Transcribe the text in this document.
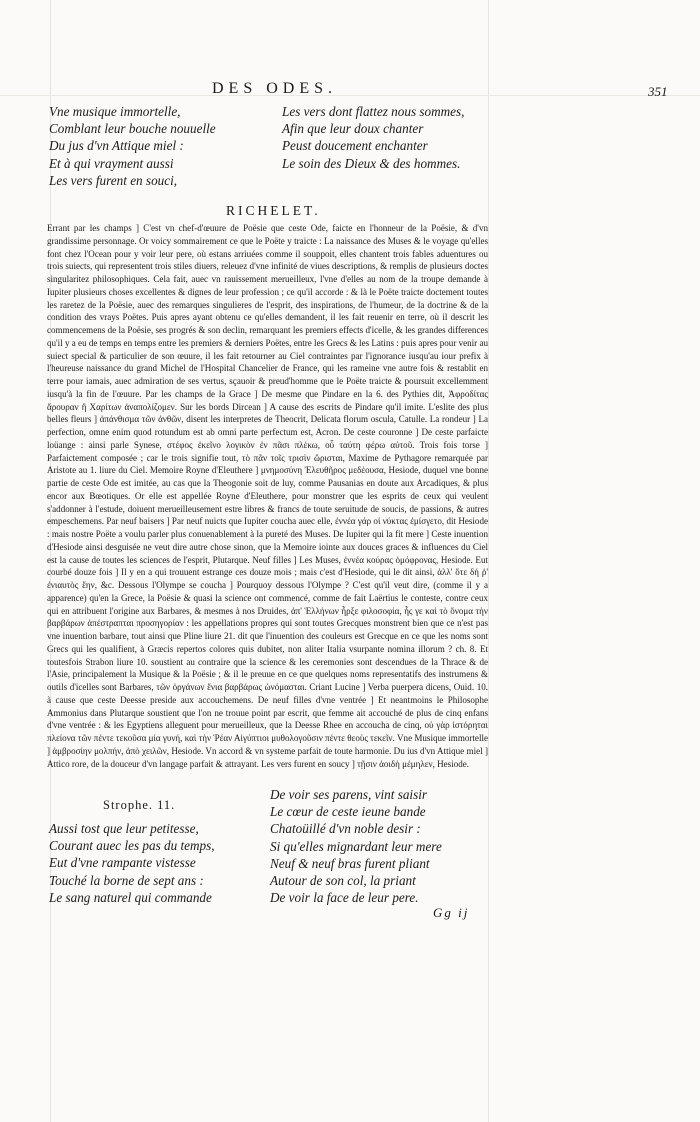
DES ODES.	351
Vne musique immortelle,
Comblant leur bouche nouuelle
Du jus d'vn Attique miel :
Et à qui vrayment aussi
Les vers furent en souci,
Les vers dont flattez nous sommes,
Afin que leur doux chanter
Peust doucement enchanter
Le soin des Dieux & des hommes.
RICHELET.

Errant par les champs ] C'est vn chef-d'œuure de Poësie que ceste Ode, faicte en l'honneur de la Poësie, & d'vn grandissime personnage. Or voicy sommairement ce que le Poëte y traicte : La naissance des Muses & le voyage qu'elles font chez l'Ocean pour y voir leur pere, où estans arriuées comme il souppoit, elles chantent trois fables aduentures ou trois suiects, qui representent trois stiles diuers, releuez d'vne infinité de viues descriptions, & remplis de plusieurs doctes singularitez philosophiques. Cela fait, auec vn rauissement merueilleux, l'vne d'elles au nom de la troupe demande à Iupiter plusieurs choses excellentes & dignes de leur profession ; ce qu'il accorde : & là le Poëte traicte doctement toutes les raretez de la Poësie, auec des remarques singulieres de l'esprit, des inspirations, de l'humeur, de la doctrine & de la condition des vrays Poëtes. Puis apres ayant obtenu ce qu'elles demandent, il les fait reuenir en terre, où il descrit les commencemens de la Poësie, ses progrés & son declin, remarquant les premiers effects d'icelle, & les grandes differences qu'il y a eu de temps en temps entre les premiers & derniers Poëtes, entre les Grecs & les Latins : puis apres pour venir au suiect special & particulier de son œuure, il les fait retourner au Ciel contraintes par l'ignorance iusqu'au iour prefix à l'heureuse naissance du grand Michel de l'Hospital Chancelier de France, qui les rameine vne autre fois & restablit en terre pour iamais, auec admiration de ses vertus, sçauoir & preud'homme que le Poëte traicte & poursuit excellemment iusqu'à la fin de l'œuure. Par les champs de la Grace ] De mesme que Pindare en la 6. des Pythies dit, Ἀφροδίτας ἄρουραν ἢ Χαρίτων ἀναπολίζομεν. Sur les bords Dircean ] A cause des escrits de Pindare qu'il imite. L'eslite des plus belles fleurs ] ἀπάνθισμα τῶν ἀνθῶν, disent les interpretes de Theocrit, Delicata florum oscula, Catulle. La rondeur ] La perfection, omne enim quod rotundum est ab omni parte perfectum est, Acron. De ceste couronne ] De ceste parfaicte loüange : ainsi parle Synese, στέφος ἐκεῖνο λογικὸν ἐν πᾶσι πλέκω, οὗ ταύτη φέρω αὐτοῦ. Trois fois torse ] Parfaictement composée ; car le trois signifie tout, τὸ πᾶν τοῖς τρισὶν ὥρισται, Maxime de Pythagore remarquée par Aristote au 1. liure du Ciel. Memoire Royne d'Eleuthere ] μνημοσύνη Ἐλευθῆρος μεδέουσα, Hesiode, duquel vne bonne partie de ceste Ode est imitée, au cas que la Theogonie soit de luy, comme Pausanias en doute aux Arcadiques, & plus encor aux Bœotiques. Or elle est appellée Royne d'Eleuthere, pour monstrer que les esprits de ceux qui veulent s'addonner à l'estude, doiuent merueilleusement estre libres & francs de toute seruitude de soucis, de passions, & autres empeschemens. Par neuf baisers ] Par neuf nuicts que Iupiter coucha auec elle, ἐννέα γάρ οἱ νύκτας ἐμίσγετο, dit Hesiode : mais nostre Poëte a voulu parler plus conuenablement à la pureté des Muses. De Iupiter qui la fit mere ] Ceste inuention d'Hesiode ainsi desguisée ne veut dire autre chose sinon, que la Memoire iointe aux douces graces & influences du Ciel est la cause de toutes les sciences de l'esprit, Plutarque. Neuf filles ] Les Muses, ἐννέα κούρας ὁμόφρονας, Hesiode. Eut courbé douze fois ] Il y en a qui trouuent estrange ces douze mois ; mais c'est d'Hesiode, qui le dit ainsi, ἀλλ' ὅτε δή ῥ' ἐνιαυτὸς ἔην, &c. Dessous l'Olympe se coucha ] Pourquoy dessous l'Olympe ? C'est qu'il veut dire, (comme il y a apparence) qu'en la Grece, la Poësie & quasi la science ont commencé, comme de fait Laërtius le conteste, contre ceux qui en attribuent l'origine aux Barbares, & mesmes à nos Druides, ἀπ' Ἑλλήνων ἦρξε φιλοσοφία, ἧς γε καὶ τὸ ὄνομα τὴν βαρβάρων ἀπέστραπται προσηγορίαν : les appellations propres qui sont toutes Grecques monstrent bien que ce n'est pas vne inuention barbare, tout ainsi que Pline liure 21. dit que l'inuention des couleurs est Grecque en ce que les noms sont Grecs qui les qualifient, à Græcis repertos colores quis dubitet, non aliter Italia vsurpante nomina illorum ? ch. 8. Et toutesfois Strabon liure 10. soustient au contraire que la science & les ceremonies sont descendues de la Thrace & de l'Asie, principalement la Musique & la Poësie ; & il le preuue en ce que quelques noms representatifs des instrumens & outils d'icelles sont Barbares, τῶν ὀργάνων ἔνια βαρβάρως ὠνόμασται. Criant Lucine ] Verba puerpera dicens, Ouid. 10. à cause que ceste Deesse preside aux accouchemens. De neuf filles d'vne ventrée ] Et neantmoins le Philosophe Ammonius dans Plutarque soustient que l'on ne trouue point par escrit, que femme ait accouché de plus de cinq enfans d'vne ventrée : & les Egyptiens alleguent pour merueilleux, que la Deesse Rhee en accoucha de cinq, οὐ γὰρ ἱστόρηται πλείονα τῶν πέντε τεκοῦσα μία γυνή, καὶ τὴν Ῥέαν Αἰγύπτιοι μυθολογοῦσιν πέντε θεοὺς τεκεῖν. Vne Musique immortelle ] ἀμβροσίην μολπήν, ἀπὸ χειλῶν, Hesiode. Vn accord & vn systeme parfait de toute harmonie. Du ius d'vn Attique miel ] Attico rore, de la douceur d'vn langage parfait & attrayant. Les vers furent en soucy ] τῇσιν ἀοιδὴ μέμηλεν, Hesiode.

Strophe. 11.
Aussi tost que leur petitesse,
Courant auec les pas du temps,
Eut d'vne rampante vistesse
Touché la borne de sept ans :
Le sang naturel qui commande
De voir ses parens, vint saisir
Le cœur de ceste ieune bande
Chatoüillé d'vn noble desir :
Si qu'elles mignardant leur mere
Neuf & neuf bras furent pliant
Autour de son col, la priant
De voir la face de leur pere.
Gg ij
